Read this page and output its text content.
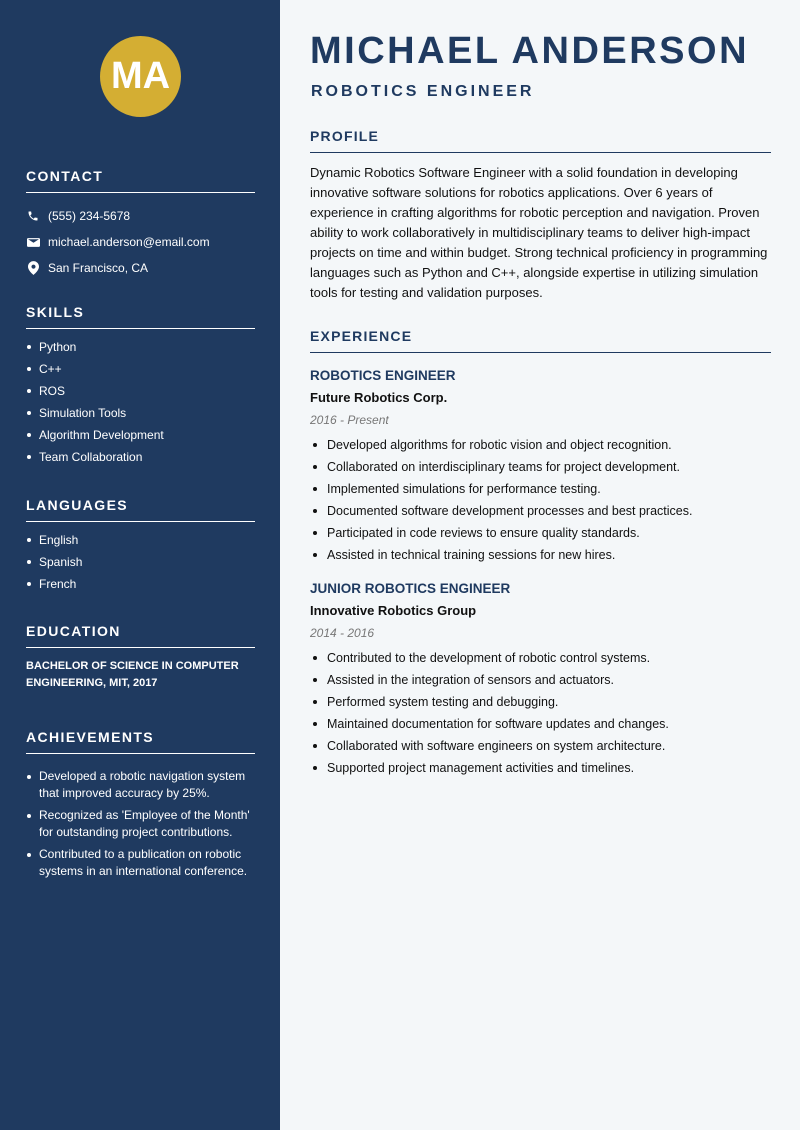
MA
CONTACT
(555) 234-5678
michael.anderson@email.com
San Francisco, CA
SKILLS
Python
C++
ROS
Simulation Tools
Algorithm Development
Team Collaboration
LANGUAGES
English
Spanish
French
EDUCATION
BACHELOR OF SCIENCE IN COMPUTER ENGINEERING, MIT, 2017
ACHIEVEMENTS
Developed a robotic navigation system that improved accuracy by 25%.
Recognized as 'Employee of the Month' for outstanding project contributions.
Contributed to a publication on robotic systems in an international conference.
MICHAEL ANDERSON
ROBOTICS ENGINEER
PROFILE

Dynamic Robotics Software Engineer with a solid foundation in developing innovative software solutions for robotics applications. Over 6 years of experience in crafting algorithms for robotic perception and navigation. Proven ability to work collaboratively in multidisciplinary teams to deliver high-impact projects on time and within budget. Strong technical proficiency in programming languages such as Python and C++, alongside expertise in utilizing simulation tools for testing and validation purposes.

EXPERIENCE

ROBOTICS ENGINEER

Future Robotics Corp.

2016 - Present

Developed algorithms for robotic vision and object recognition.
Collaborated on interdisciplinary teams for project development.
Implemented simulations for performance testing.
Documented software development processes and best practices.
Participated in code reviews to ensure quality standards.
Assisted in technical training sessions for new hires.

JUNIOR ROBOTICS ENGINEER

Innovative Robotics Group

2014 - 2016

Contributed to the development of robotic control systems.
Assisted in the integration of sensors and actuators.
Performed system testing and debugging.
Maintained documentation for software updates and changes.
Collaborated with software engineers on system architecture.
Supported project management activities and timelines.
